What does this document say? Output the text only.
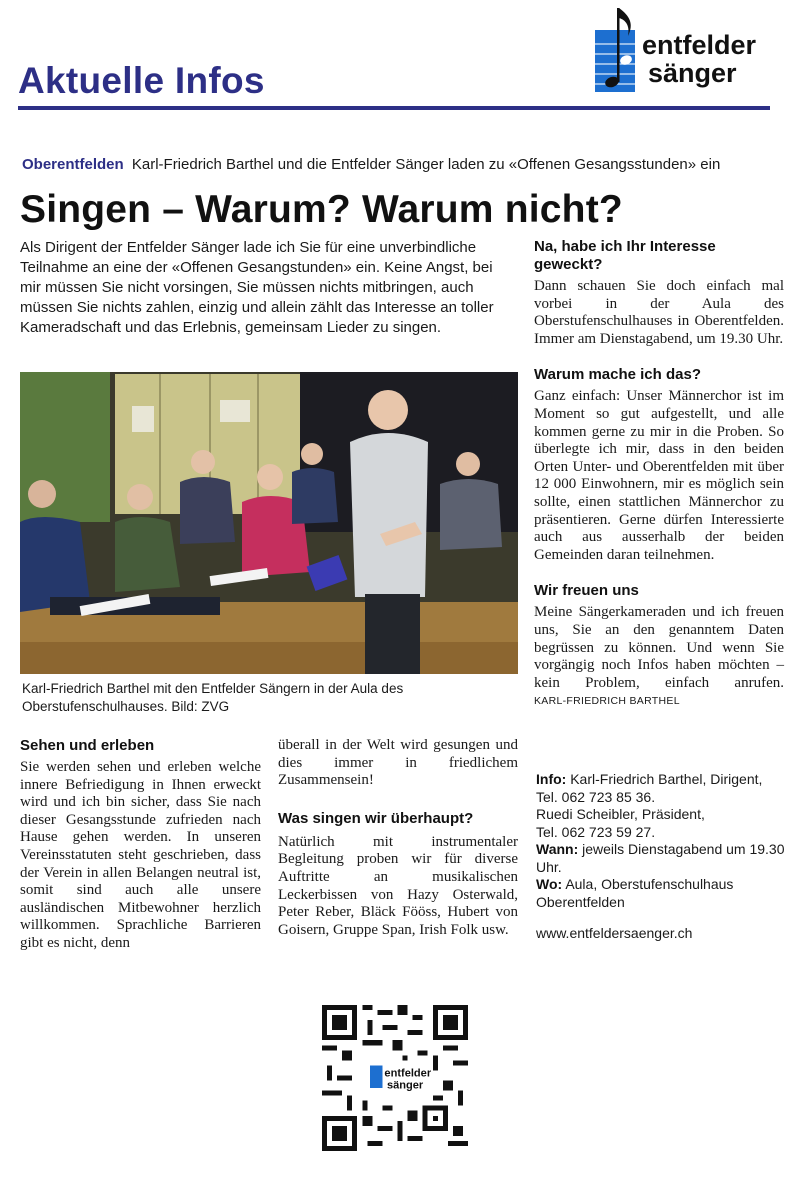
Aktuelle Infos
entfelder
sänger
Oberentfelden Karl-Friedrich Barthel und die Entfelder Sänger laden zu «Offenen Gesangsstunden» ein
Singen – Warum? Warum nicht?
Als Dirigent der Entfelder Sänger lade ich Sie für eine unverbindliche Teilnahme an eine der «Offenen Gesangstunden» ein. Keine Angst, bei mir müssen Sie nicht vorsingen, Sie müssen nichts mitbringen, auch müssen Sie nichts zahlen, einzig und allein zählt das Interesse an toller Kameradschaft und das Erlebnis, gemeinsam Lieder zu singen.
Karl-Friedrich Barthel mit den Entfelder Sängern in der Aula des Oberstufenschulhauses. Bild: ZVG
Sehen und erleben
Sie werden sehen und erleben welche innere Befriedigung in Ihnen erweckt wird und ich bin sicher, dass Sie nach dieser Gesangsstunde zufrieden nach Hause gehen werden. In unseren Vereinsstatuten steht geschrieben, dass der Verein in allen Belangen neutral ist, somit sind auch alle unsere ausländischen Mitbewohner herzlich willkommen. Sprachliche Barrieren gibt es nicht, denn
überall in der Welt wird gesungen und dies immer in friedlichem Zusammensein!
Was singen wir überhaupt?
Natürlich mit instrumentaler Begleitung proben wir für diverse Auftritte an musikalischen Leckerbissen von Hazy Osterwald, Peter Reber, Bläck Fööss, Hubert von Goisern, Gruppe Span, Irish Folk usw.
Na, habe ich Ihr Interesse geweckt?
Dann schauen Sie doch einfach mal vorbei in der Aula des Oberstufenschulhauses in Oberentfelden. Immer am Dienstagabend, um 19.30 Uhr.
Warum mache ich das?
Ganz einfach: Unser Männerchor ist im Moment so gut aufgestellt, und alle kommen gerne zu mir in die Proben. So überlegte ich mir, dass in den beiden Orten Unter- und Oberentfelden mit über 12 000 Einwohnern, mir es möglich sein sollte, einen stattlichen Männerchor zu präsentieren. Gerne dürfen Interessierte auch aus ausserhalb der beiden Gemeinden daran teilnehmen.
Wir freuen uns
Meine Sängerkameraden und ich freuen uns, Sie an den genanntem Daten begrüssen zu können. Und wenn Sie vorgängig noch Infos haben möchten – kein Problem, einfach anrufen. KARL-FRIEDRICH BARTHEL
Info: Karl-Friedrich Barthel, Dirigent,
Tel. 062 723 85 36.
Ruedi Scheibler, Präsident,
Tel. 062 723 59 27.
Wann: jeweils Dienstagabend um 19.30 Uhr.
Wo: Aula, Oberstufenschulhaus
Oberentfelden
www.entfeldersaenger.ch
entfelder
sänger
